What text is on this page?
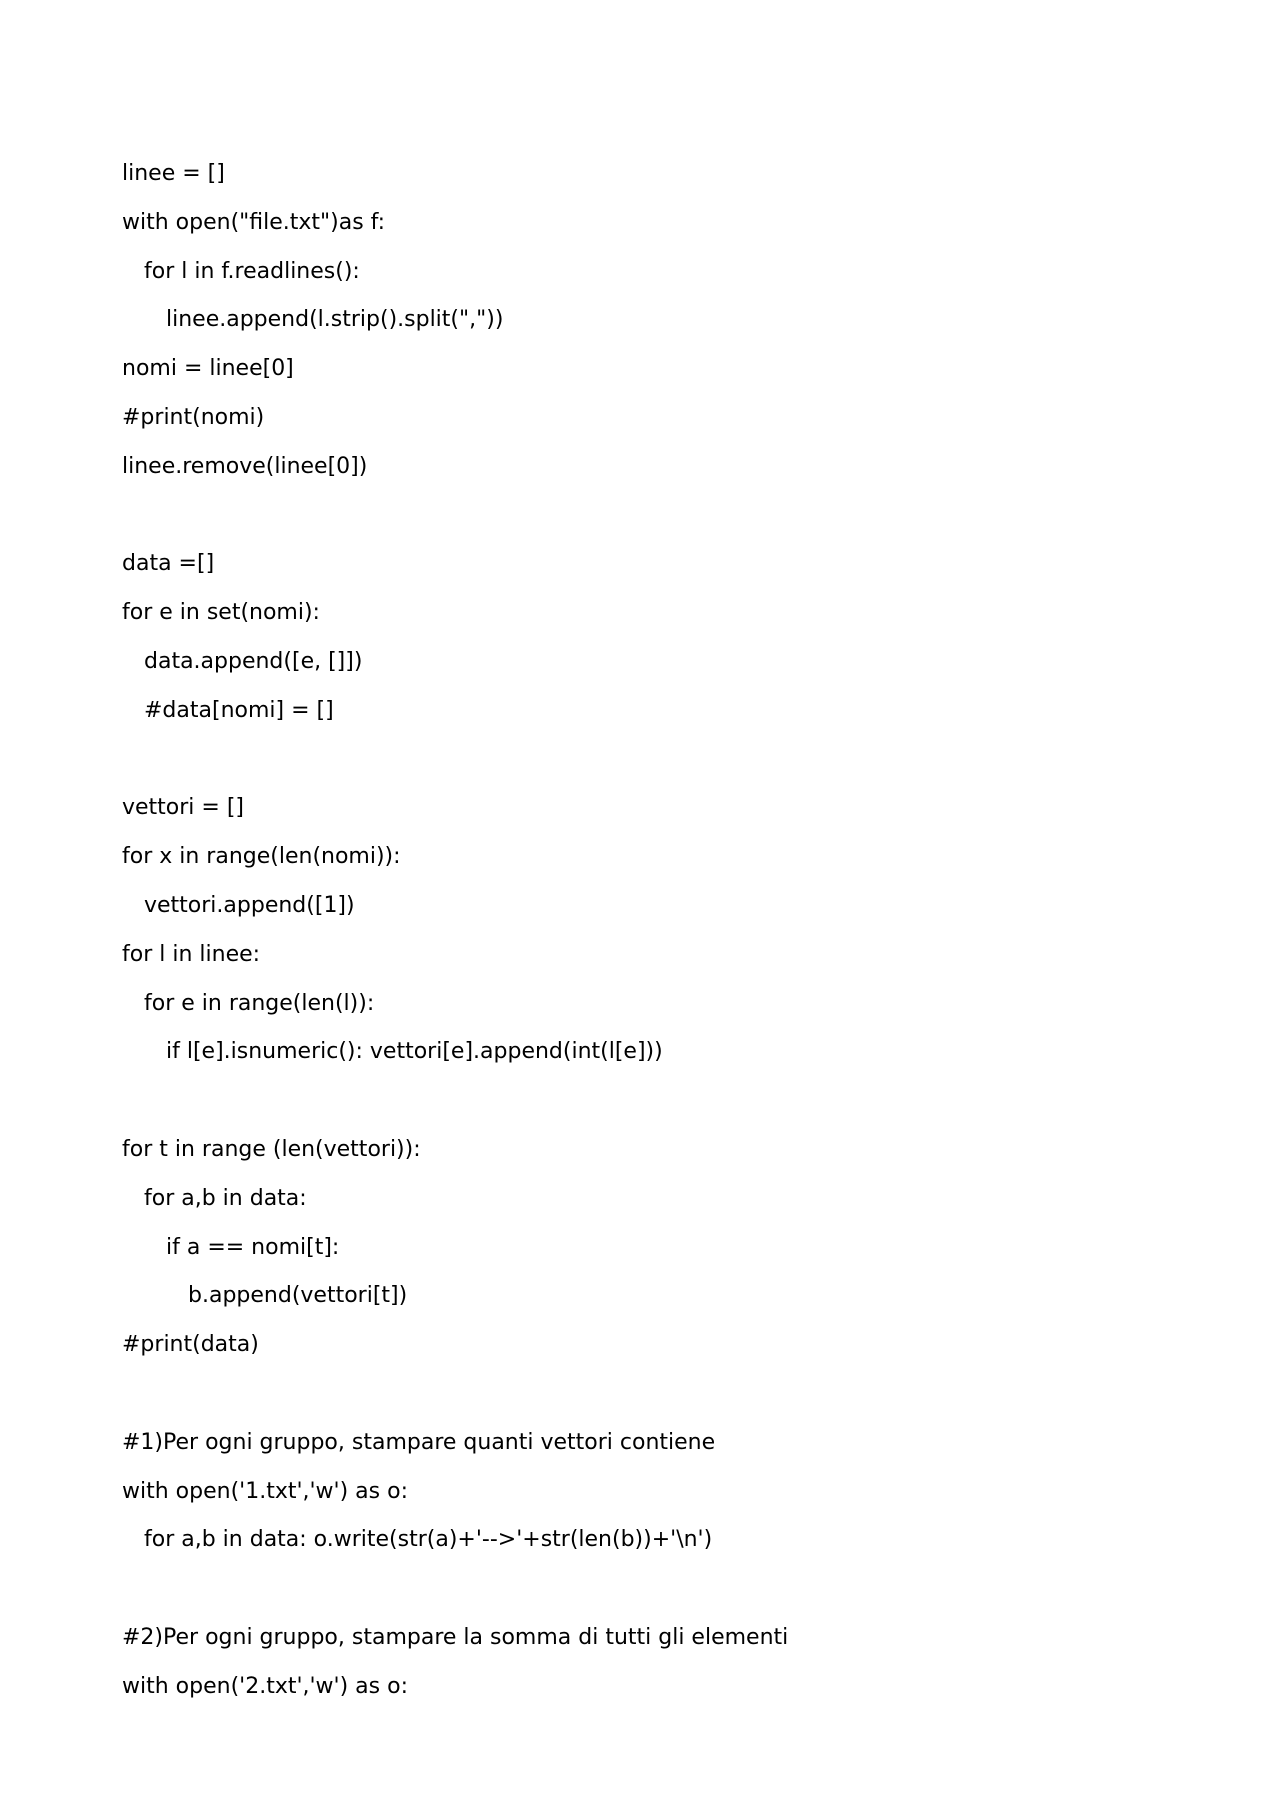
linee = []
with open("file.txt")as f:
for l in f.readlines():
linee.append(l.strip().split(","))
nomi = linee[0]
#print(nomi)
linee.remove(linee[0])
data =[]
for e in set(nomi):
data.append([e, []])
#data[nomi] = []
vettori = []
for x in range(len(nomi)):
vettori.append([1])
for l in linee:
for e in range(len(l)):
if l[e].isnumeric(): vettori[e].append(int(l[e]))
for t in range (len(vettori)):
for a,b in data:
if a == nomi[t]:
b.append(vettori[t])
#print(data)
#1)Per ogni gruppo, stampare quanti vettori contiene
with open('1.txt','w') as o:
for a,b in data: o.write(str(a)+'-->'+str(len(b))+'\n')
#2)Per ogni gruppo, stampare la somma di tutti gli elementi
with open('2.txt','w') as o:
